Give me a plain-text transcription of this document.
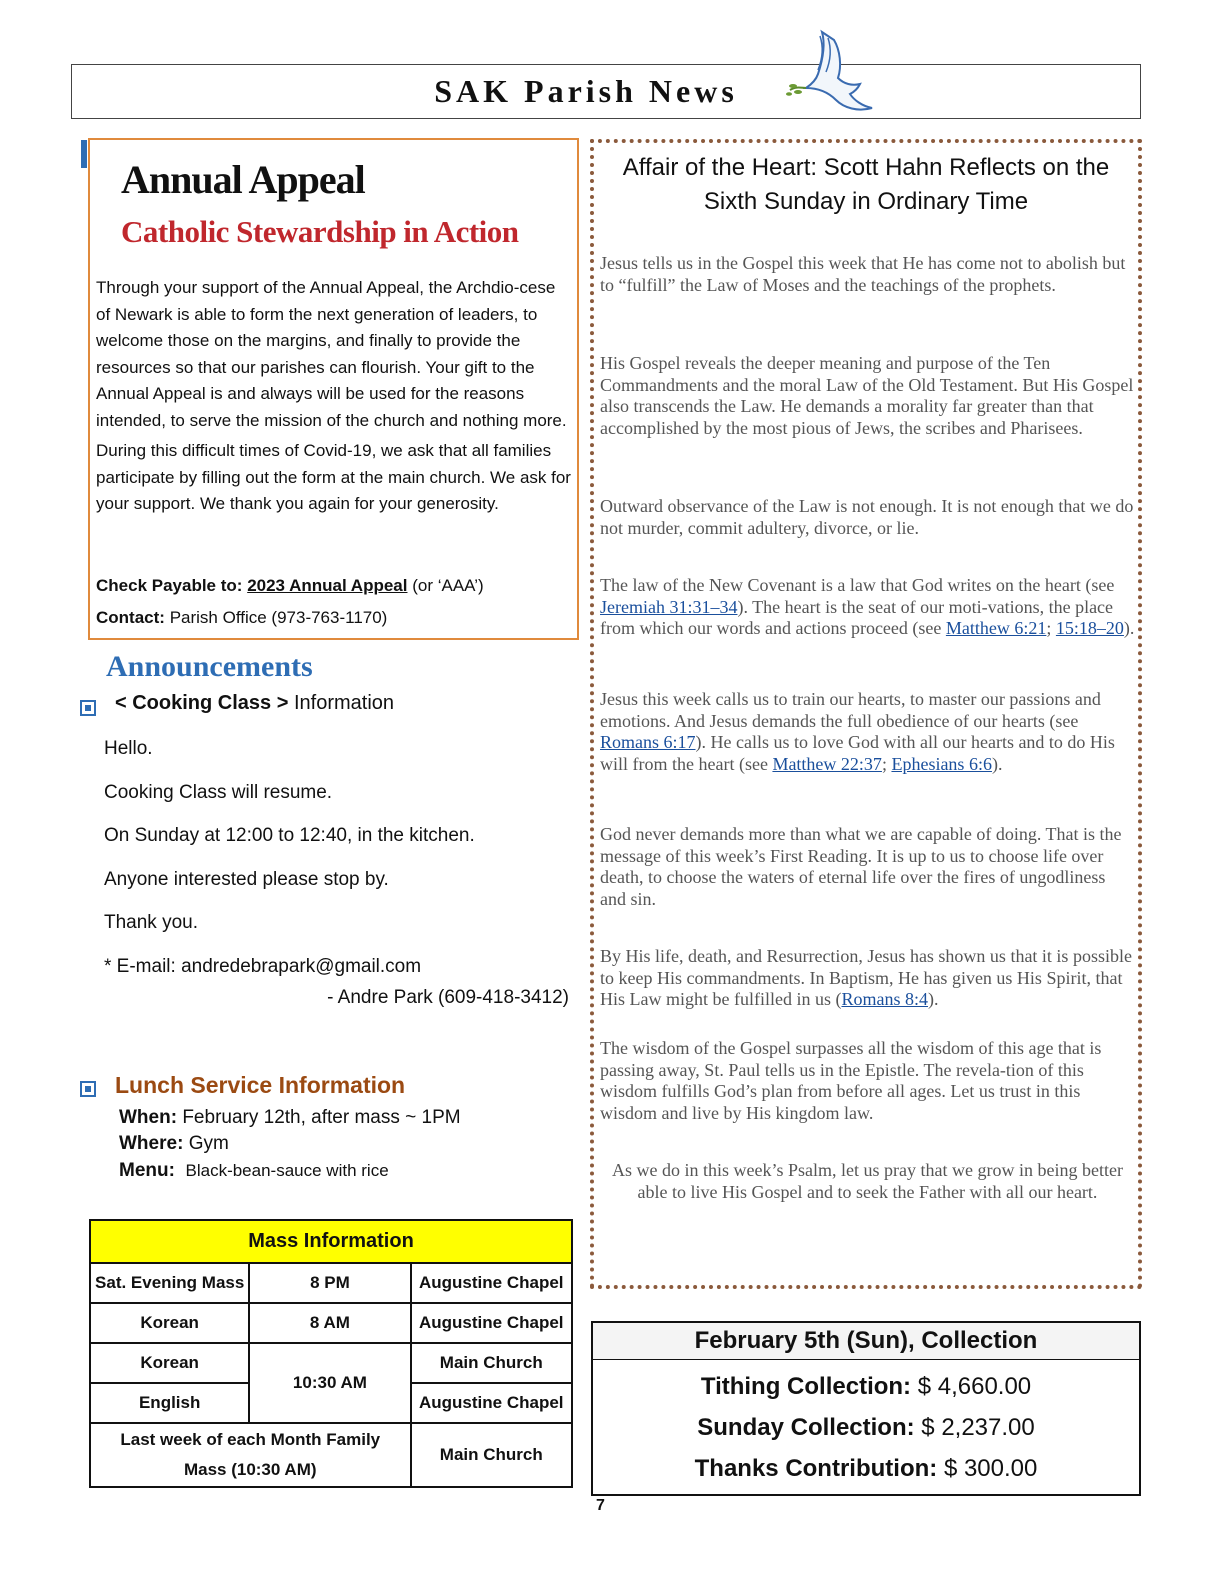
SAK Parish News
Annual Appeal
Catholic Stewardship in Action

Through your support of the Annual Appeal, the Archdio-cese of Newark is able to form the next generation of leaders, to welcome those on the margins, and finally to provide the resources so that our parishes can flourish. Your gift to the Annual Appeal is and always will be used for the reasons intended, to serve the mission of the church and nothing more.

During this difficult times of Covid-19, we ask that all families participate by filling out the form at the main church. We ask for your support. We thank you again for your generosity.

Check Payable to: 2023 Annual Appeal (or ‘AAA’)
Contact: Parish Office (973-763-1170)
Announcements
< Cooking Class > Information
Hello.
Cooking Class will resume.
On Sunday at 12:00 to 12:40, in the kitchen.
Anyone interested please stop by.
Thank you.
* E-mail: andredebrapark@gmail.com
- Andre Park (609-418-3412)
Lunch Service Information
When: February 12th, after mass ~ 1PM
Where: Gym
Menu: Black-bean-sauce with rice
Mass Information		
Sat. Evening Mass	8 PM	Augustine Chapel
Korean	8 AM	Augustine Chapel
Korean	10:30 AM	Main Church
English		Augustine Chapel
Last week of each Month Family Mass (10:30 AM)		Main Church
Affair of the Heart: Scott Hahn Reflects on the
Sixth Sunday in Ordinary Time

Jesus tells us in the Gospel this week that He has come not to abolish but to “fulfill” the Law of Moses and the teachings of the prophets.

His Gospel reveals the deeper meaning and purpose of the Ten Commandments and the moral Law of the Old Testament. But His Gospel also transcends the Law. He demands a morality far greater than that accomplished by the most pious of Jews, the scribes and Pharisees.

Outward observance of the Law is not enough. It is not enough that we do not murder, commit adultery, divorce, or lie.

The law of the New Covenant is a law that God writes on the heart (see Jeremiah 31:31–34). The heart is the seat of our moti-vations, the place from which our words and actions proceed (see Matthew 6:21; 15:18–20).

Jesus this week calls us to train our hearts, to master our passions and emotions. And Jesus demands the full obedience of our hearts (see Romans 6:17). He calls us to love God with all our hearts and to do His will from the heart (see Matthew 22:37; Ephesians 6:6).

God never demands more than what we are capable of doing. That is the message of this week’s First Reading. It is up to us to choose life over death, to choose the waters of eternal life over the fires of ungodliness and sin.

By His life, death, and Resurrection, Jesus has shown us that it is possible to keep His commandments. In Baptism, He has given us His Spirit, that His Law might be fulfilled in us (Romans 8:4).

The wisdom of the Gospel surpasses all the wisdom of this age that is passing away, St. Paul tells us in the Epistle. The revela-tion of this wisdom fulfills God’s plan from before all ages. Let us trust in this wisdom and live by His kingdom law.

As we do in this week’s Psalm, let us pray that we grow in being better able to live His Gospel and to seek the Father with all our heart.

February 5th (Sun), Collection
Tithing Collection: $ 4,660.00
Sunday Collection: $ 2,237.00
Thanks Contribution: $ 300.00
7
